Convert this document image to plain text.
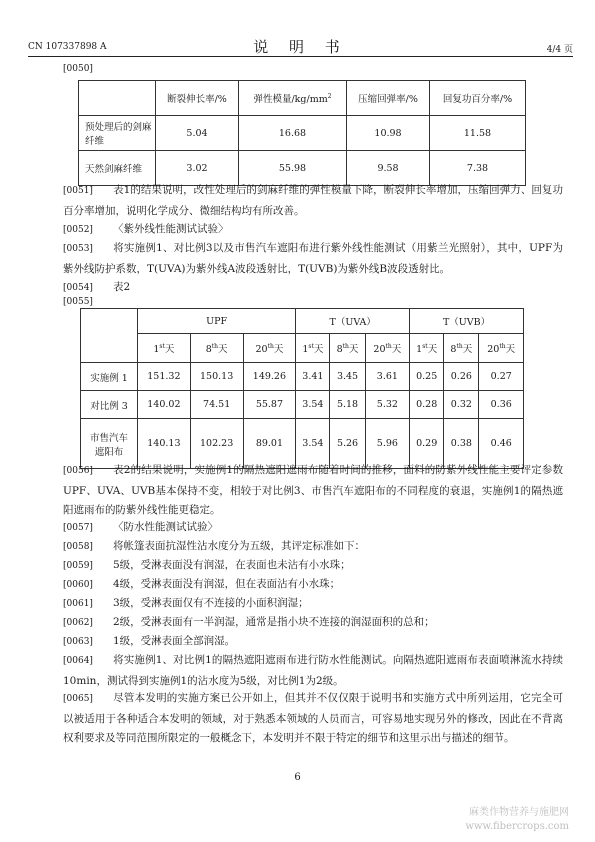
CN 107337898 A	说 明 书	4/4 页
[0050]
	断裂伸长率/%	弹性模量$/kg/mm^2$	压缩回弹率/%	回复功百分率/%
预处理后的剑麻纤维	5.04	16.68	10.98	11.58
天然剑麻纤维	3.02	55.98	9.58	7.38
[0051] 表1的结果说明，改性处理后的剑麻纤维的弹性模量下降，断裂伸长率增加，压缩回弹力、回复功百分率增加，说明化学成分、微细结构均有所改善。
[0052] 〈紫外线性能测试试验〉
[0053] 将实施例1、对比例3以及市售汽车遮阳布进行紫外线性能测试（用紫兰光照射），其中，UPF为紫外线防护系数，T(UVA)为紫外线A波段透射比，T(UVB)为紫外线B波段透射比。
[0054] 表2
[0055]
	UPF			T（UVA）			T（UVB）		
	1st天	8th天	20th天	1st天	8th天	20th天	1st天	8th天	20th天
实施例 1	151.32	150.13	149.26	3.41	3.45	3.61	0.25	0.26	0.27
对比例 3	140.02	74.51	55.87	3.54	5.18	5.32	0.28	0.32	0.36
市售汽车遮阳布	140.13	102.23	89.01	3.54	5.26	5.96	0.29	0.38	0.46
[0056] 表2的结果说明，实施例1的隔热遮阳遮雨布随着时间的推移，面料的防紫外线性能主要评定参数UPF、UVA、UVB基本保持不变，相较于对比例3、市售汽车遮阳布的不同程度的衰退，实施例1的隔热遮阳遮雨布的防紫外线性能更稳定。
[0057] 〈防水性能测试试验〉
[0058] 将帐篷表面抗湿性沾水度分为五级，其评定标准如下：
[0059] 5级，受淋表面没有润湿，在表面也未沾有小水珠；
[0060] 4级，受淋表面没有润湿，但在表面沾有小水珠；
[0061] 3级，受淋表面仅有不连接的小面积润湿；
[0062] 2级，受淋表面有一半润湿，通常是指小块不连接的润湿面积的总和；
[0063] 1级，受淋表面全部润湿。
[0064] 将实施例1、对比例1的隔热遮阳遮雨布进行防水性能测试。向隔热遮阳遮雨布表面喷淋流水持续10min，测试得到实施例1的沾水度为5级，对比例1为2级。
[0065] 尽管本发明的实施方案已公开如上，但其并不仅仅限于说明书和实施方式中所列运用，它完全可以被适用于各种适合本发明的领域，对于熟悉本领域的人员而言，可容易地实现另外的修改，因此在不背离权利要求及等同范围所限定的一般概念下，本发明并不限于特定的细节和这里示出与描述的细节。
6
麻类作物营养与施肥网
www.fibercrops.com
